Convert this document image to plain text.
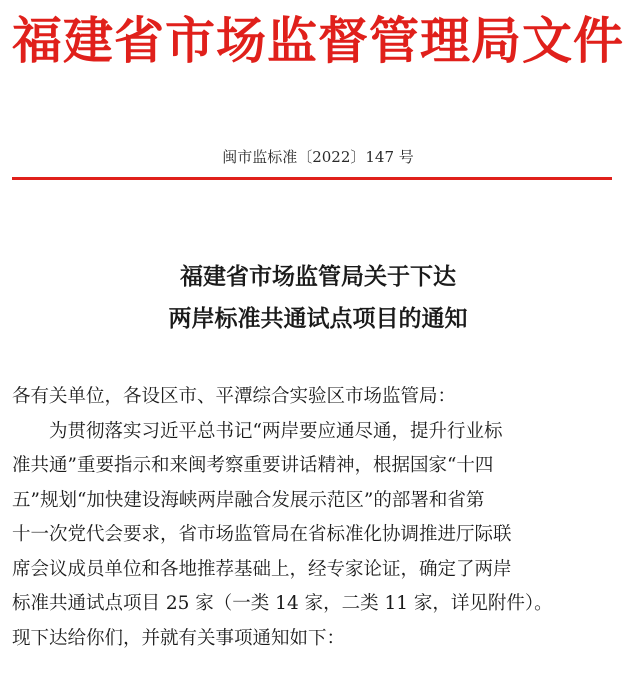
福建省市场监督管理局文件
闽市监标准〔2022〕147 号
福建省市场监管局关于下达
两岸标准共通试点项目的通知
各有关单位，各设区市、平潭综合实验区市场监管局：
为贯彻落实习近平总书记“两岸要应通尽通，提升行业标
准共通”重要指示和来闽考察重要讲话精神，根据国家“十四
五”规划“加快建设海峡两岸融合发展示范区”的部署和省第
十一次党代会要求，省市场监管局在省标准化协调推进厅际联
席会议成员单位和各地推荐基础上，经专家论证，确定了两岸
标准共通试点项目 25 家（一类 14 家，二类 11 家，详见附件）。
现下达给你们，并就有关事项通知如下：
